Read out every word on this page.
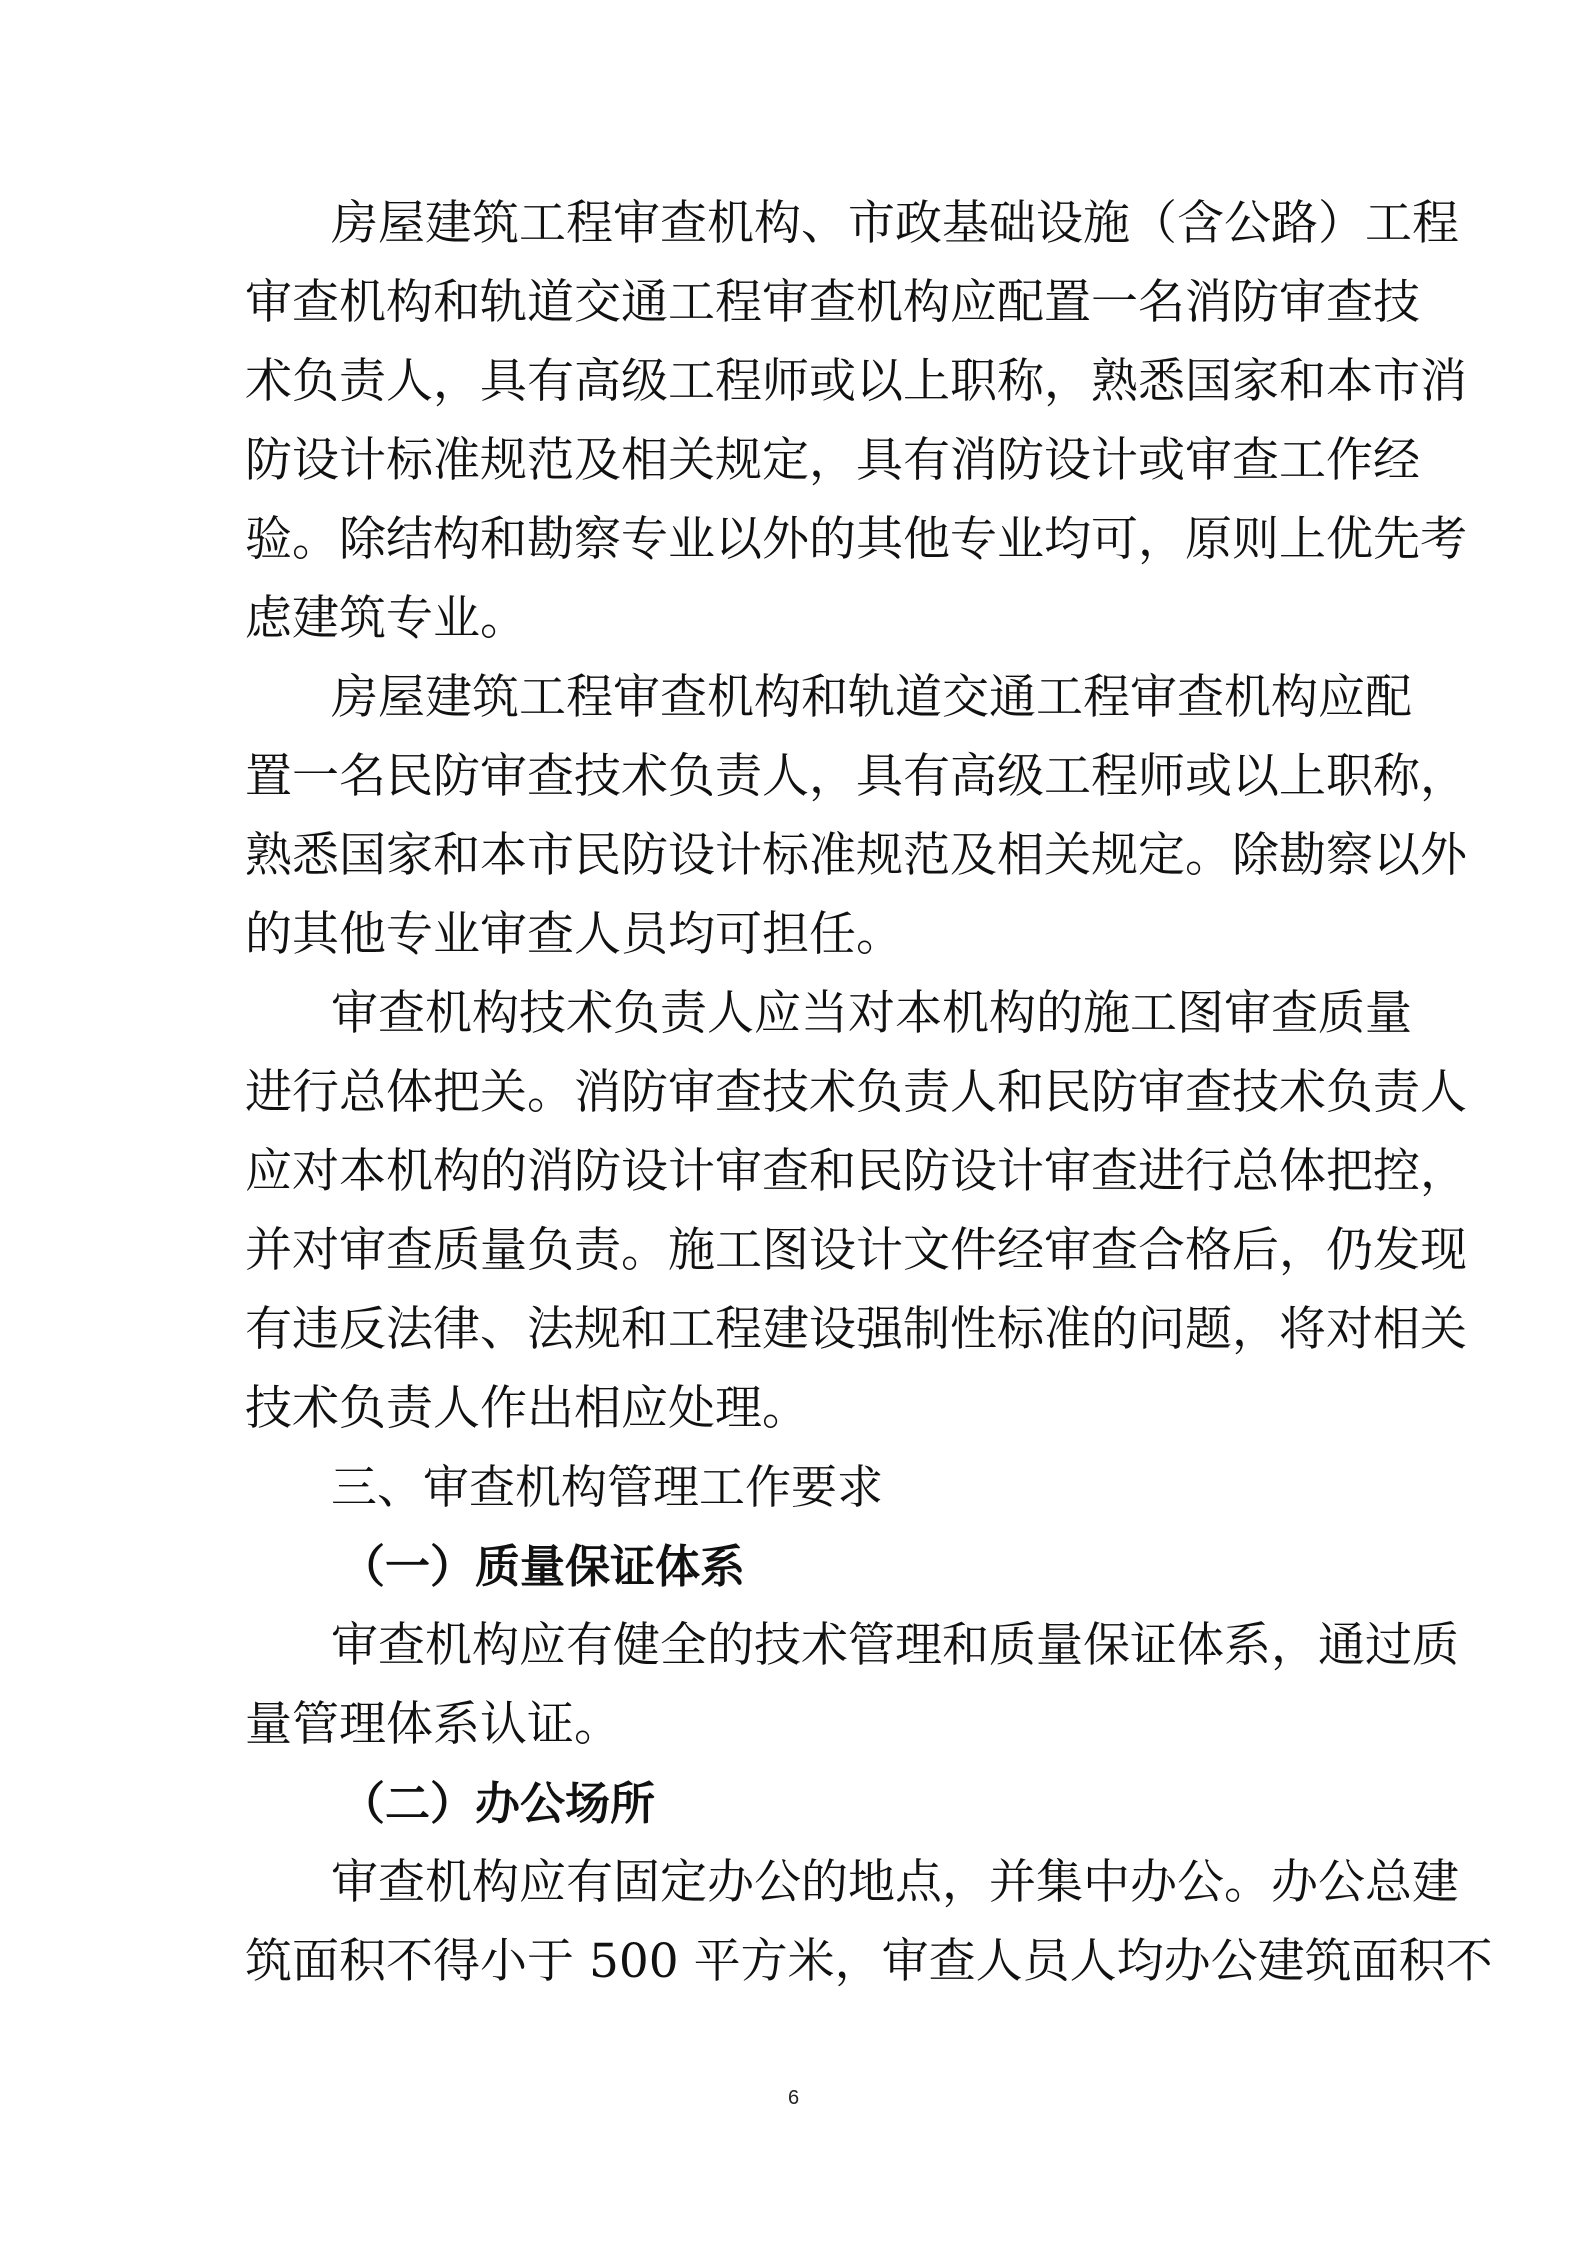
房屋建筑工程审查机构、市政基础设施（含公路）工程
审查机构和轨道交通工程审查机构应配置一名消防审查技
术负责人，具有高级工程师或以上职称，熟悉国家和本市消
防设计标准规范及相关规定，具有消防设计或审查工作经
验。除结构和勘察专业以外的其他专业均可，原则上优先考
虑建筑专业。
房屋建筑工程审查机构和轨道交通工程审查机构应配
置一名民防审查技术负责人，具有高级工程师或以上职称，
熟悉国家和本市民防设计标准规范及相关规定。除勘察以外
的其他专业审查人员均可担任。
审查机构技术负责人应当对本机构的施工图审查质量
进行总体把关。消防审查技术负责人和民防审查技术负责人
应对本机构的消防设计审查和民防设计审查进行总体把控，
并对审查质量负责。施工图设计文件经审查合格后，仍发现
有违反法律、法规和工程建设强制性标准的问题，将对相关
技术负责人作出相应处理。
三、审查机构管理工作要求
（一）质量保证体系
审查机构应有健全的技术管理和质量保证体系，通过质
量管理体系认证。
（二）办公场所
审查机构应有固定办公的地点，并集中办公。办公总建
筑面积不得小于 500 平方米，审查人员人均办公建筑面积不
6
